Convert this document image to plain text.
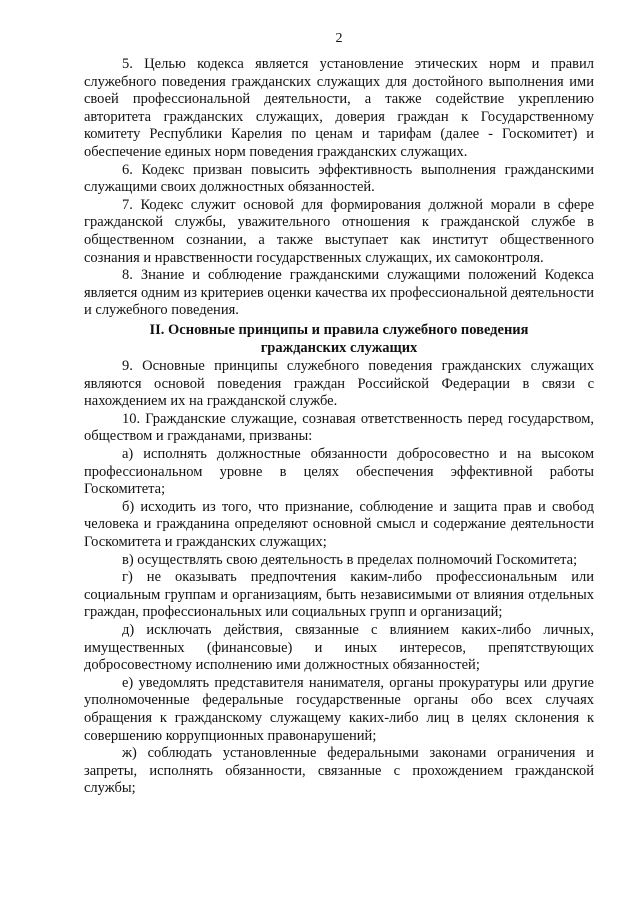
2

5. Целью кодекса является установление этических норм и правил служебного поведения гражданских служащих для достойного выполнения ими своей профессиональной деятельности, а также содействие укреплению авторитета гражданских служащих, доверия граждан к Государственному комитету Республики Карелия по ценам и тарифам (далее - Госкомитет) и обеспечение единых норм поведения гражданских служащих.

6. Кодекс призван повысить эффективность выполнения гражданскими служащими своих должностных обязанностей.

7. Кодекс служит основой для формирования должной морали в сфере гражданской службы, уважительного отношения к гражданской службе в общественном сознании, а также выступает как институт общественного сознания и нравственности государственных служащих, их самоконтроля.

8. Знание и соблюдение гражданскими служащими положений Кодекса является одним из критериев оценки качества их профессиональной деятельности и служебного поведения.

II. Основные принципы и правила служебного поведения
гражданских служащих

9. Основные принципы служебного поведения гражданских служащих являются основой поведения граждан Российской Федерации в связи с нахождением их на гражданской службе.

10. Гражданские служащие, сознавая ответственность перед государством, обществом и гражданами, призваны:

а) исполнять должностные обязанности добросовестно и на высоком профессиональном уровне в целях обеспечения эффективной работы Госкомитета;

б) исходить из того, что признание, соблюдение и защита прав и свобод человека и гражданина определяют основной смысл и содержание деятельности Госкомитета и гражданских служащих;

в) осуществлять свою деятельность в пределах полномочий Госкомитета;

г) не оказывать предпочтения каким-либо профессиональным или социальным группам и организациям, быть независимыми от влияния отдельных граждан, профессиональных или социальных групп и организаций;

д) исключать действия, связанные с влиянием каких-либо личных, имущественных (финансовые) и иных интересов, препятствующих добросовестному исполнению ими должностных обязанностей;

е) уведомлять представителя нанимателя, органы прокуратуры или другие уполномоченные федеральные государственные органы обо всех случаях обращения к гражданскому служащему каких-либо лиц в целях склонения к совершению коррупционных правонарушений;

ж) соблюдать установленные федеральными законами ограничения и запреты, исполнять обязанности, связанные с прохождением гражданской службы;
